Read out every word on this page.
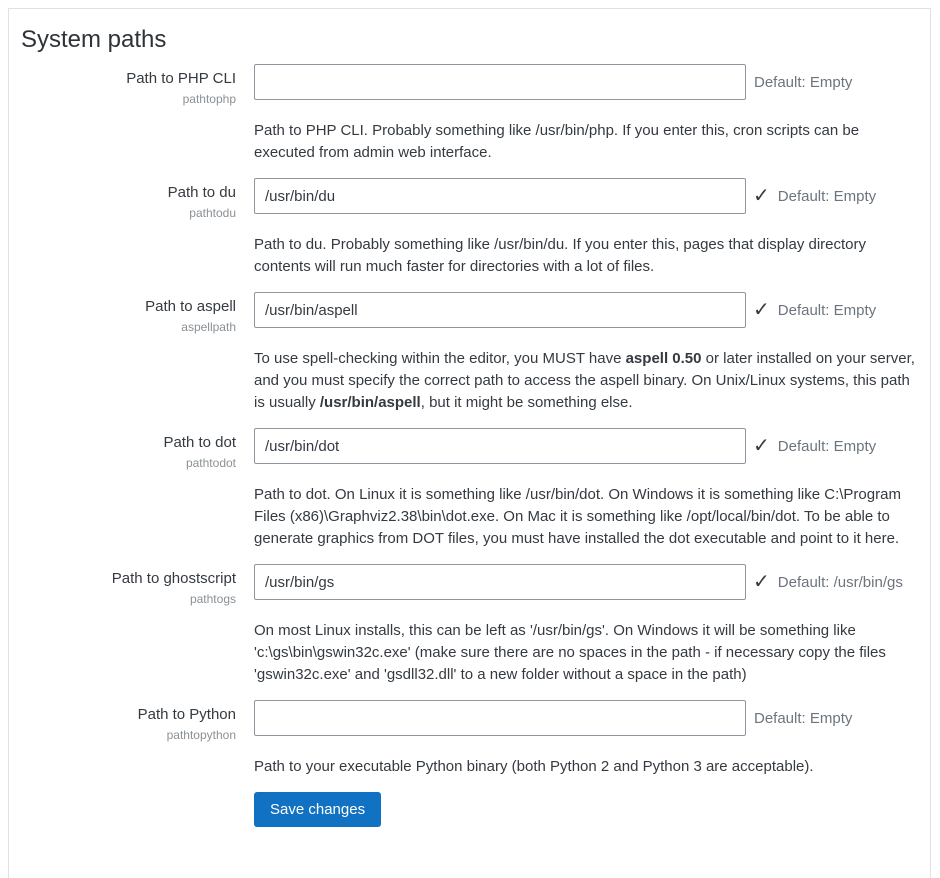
System paths
Path to PHP CLI
pathtophp
Default: Empty
Path to PHP CLI. Probably something like /usr/bin/php. If you enter this, cron scripts can be executed from admin web interface.
Path to du
pathtodu
/usr/bin/du
✓ Default: Empty
Path to du. Probably something like /usr/bin/du. If you enter this, pages that display directory contents will run much faster for directories with a lot of files.
Path to aspell
aspellpath
/usr/bin/aspell
✓ Default: Empty
To use spell-checking within the editor, you MUST have aspell 0.50 or later installed on your server, and you must specify the correct path to access the aspell binary. On Unix/Linux systems, this path is usually /usr/bin/aspell, but it might be something else.
Path to dot
pathtodot
/usr/bin/dot
✓ Default: Empty
Path to dot. On Linux it is something like /usr/bin/dot. On Windows it is something like C:\Program Files (x86)\Graphviz2.38\bin\dot.exe. On Mac it is something like /opt/local/bin/dot. To be able to generate graphics from DOT files, you must have installed the dot executable and point to it here.
Path to ghostscript
pathtogs
/usr/bin/gs
✓ Default: /usr/bin/gs
On most Linux installs, this can be left as '/usr/bin/gs'. On Windows it will be something like 'c:\gs\bin\gswin32c.exe' (make sure there are no spaces in the path - if necessary copy the files 'gswin32c.exe' and 'gsdll32.dll' to a new folder without a space in the path)
Path to Python
pathtopython
Default: Empty
Path to your executable Python binary (both Python 2 and Python 3 are acceptable).
Save changes
